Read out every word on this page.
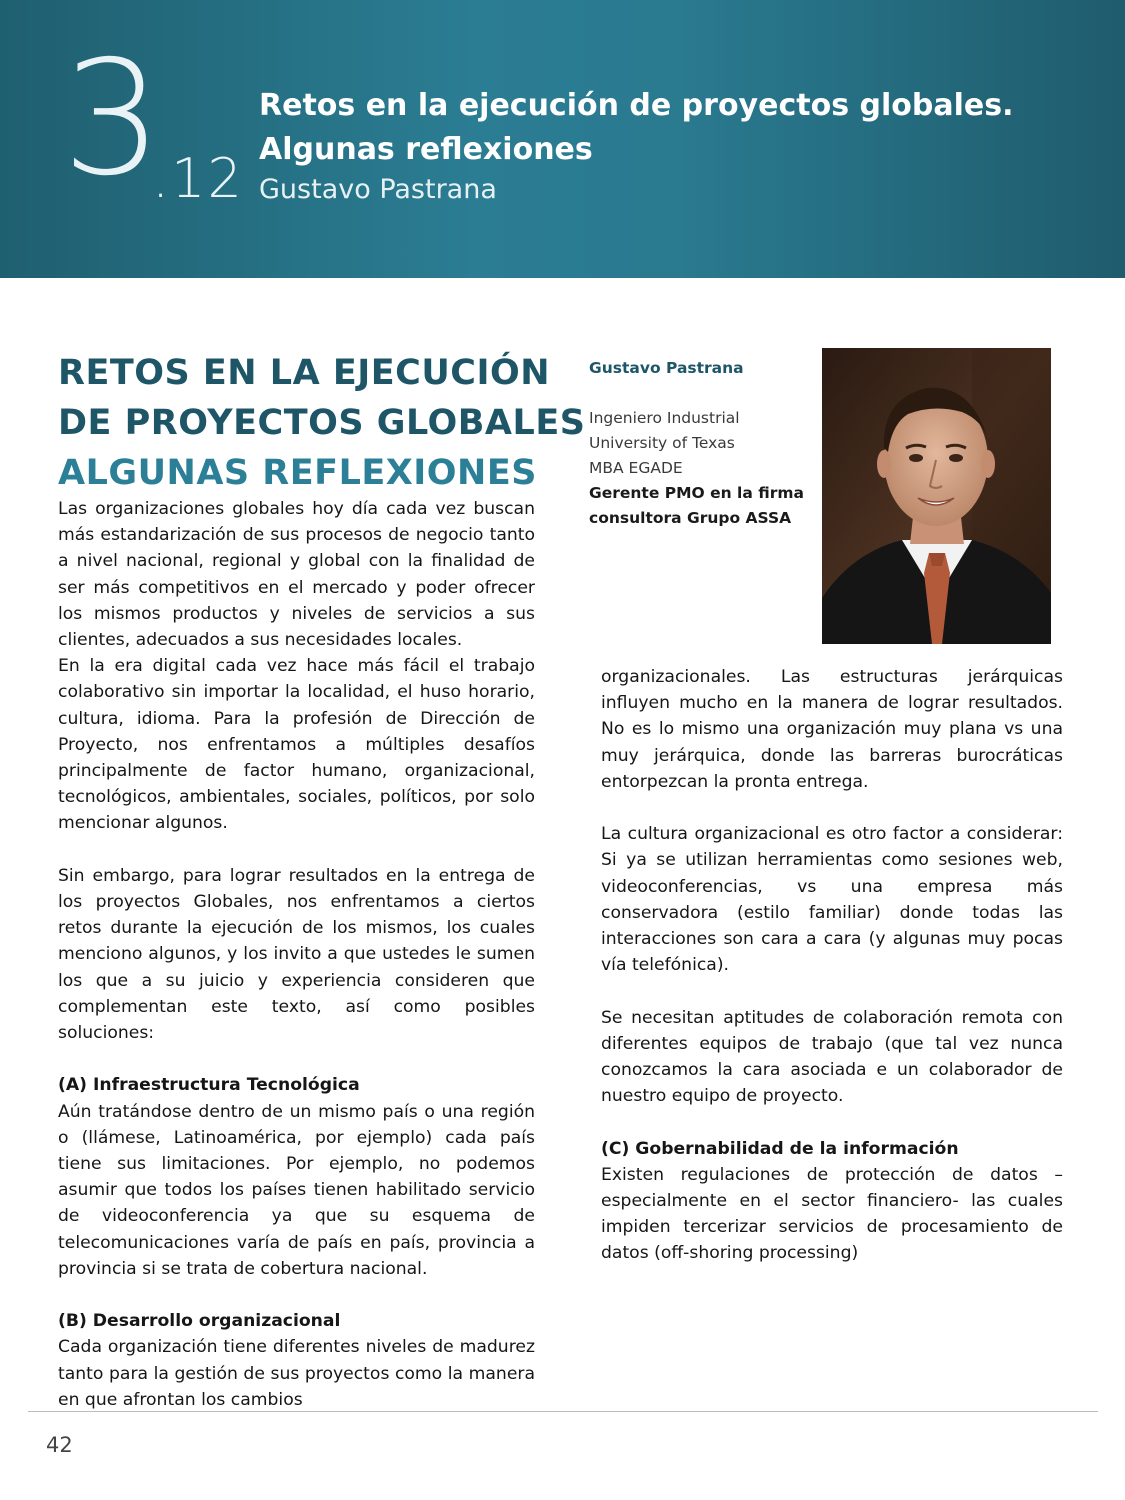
3
.12
Retos en la ejecución de proyectos globales.
Algunas reflexiones
Gustavo Pastrana
RETOS EN LA EJECUCIÓN
DE PROYECTOS GLOBALES
ALGUNAS REFLEXIONES

Las organizaciones globales hoy día cada vez buscan más estandarización de sus procesos de negocio tanto a nivel nacional, regional y global con la finalidad de ser más competitivos en el mercado y poder ofrecer los mismos productos y niveles de servicios a sus clientes, adecuados a sus necesidades locales.

En la era digital cada vez hace más fácil el trabajo colaborativo sin importar la localidad, el huso horario, cultura, idioma. Para la profesión de Dirección de Proyecto, nos enfrentamos a múltiples desafíos principalmente de factor humano, organizacional, tecnológicos, ambientales, sociales, políticos, por solo mencionar algunos.

Sin embargo, para lograr resultados en la entrega de los proyectos Globales, nos enfrentamos a ciertos retos durante la ejecución de los mismos, los cuales menciono algunos, y los invito a que ustedes le sumen los que a su juicio y experiencia consideren que complementan este texto, así como posibles soluciones:

(A) Infraestructura Tecnológica

Aún tratándose dentro de un mismo país o una región o (llámese, Latinoamérica, por ejemplo) cada país tiene sus limitaciones. Por ejemplo, no podemos asumir que todos los países tienen habilitado servicio de videoconferencia ya que su esquema de telecomunicaciones varía de país en país, provincia a provincia si se trata de cobertura nacional.

(B) Desarrollo organizacional

Cada organización tiene diferentes niveles de madurez tanto para la gestión de sus proyectos como la manera en que afrontan los cambios

Gustavo Pastrana
Ingeniero Industrial
University of Texas
MBA EGADE
Gerente PMO en la firma
consultora Grupo ASSA

organizacionales. Las estructuras jerárquicas influyen mucho en la manera de lograr resultados. No es lo mismo una organización muy plana vs una muy jerárquica, donde las barreras burocráticas entorpezcan la pronta entrega.

La cultura organizacional es otro factor a considerar: Si ya se utilizan herramientas como sesiones web, videoconferencias, vs una empresa más conservadora (estilo familiar) donde todas las interacciones son cara a cara (y algunas muy pocas vía telefónica).

Se necesitan aptitudes de colaboración remota con diferentes equipos de trabajo (que tal vez nunca conozcamos la cara asociada e un colaborador de nuestro equipo de proyecto.

(C) Gobernabilidad de la información

Existen regulaciones de protección de datos –especialmente en el sector financiero- las cuales impiden tercerizar servicios de procesamiento de datos (off-shoring processing)

42
